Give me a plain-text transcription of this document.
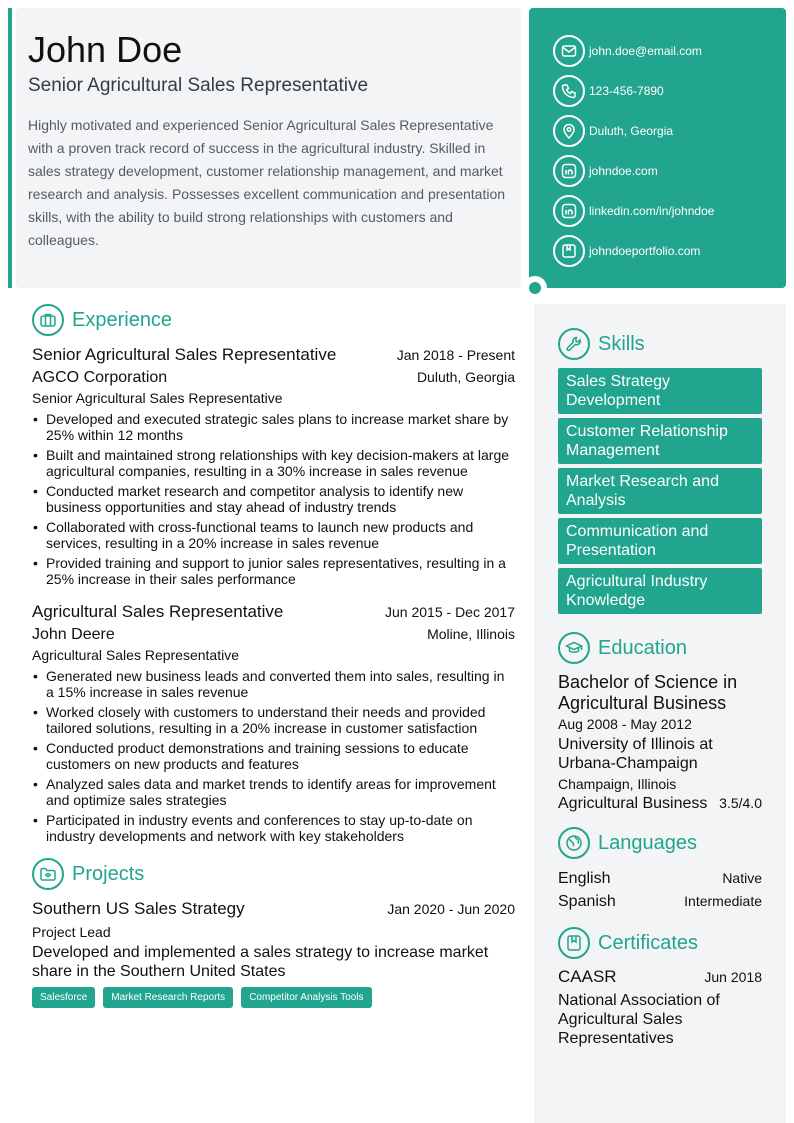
John Doe
Senior Agricultural Sales Representative
Highly motivated and experienced Senior Agricultural Sales Representative with a proven track record of success in the agricultural industry. Skilled in sales strategy development, customer relationship management, and market research and analysis. Possesses excellent communication and presentation skills, with the ability to build strong relationships with customers and colleagues.
john.doe@email.com
123-456-7890
Duluth, Georgia
johndoe.com
linkedin.com/in/johndoe
johndoeportfolio.com
Experience
Senior Agricultural Sales Representative	Jan 2018 - Present
AGCO Corporation	Duluth, Georgia
Senior Agricultural Sales Representative
• Developed and executed strategic sales plans to increase market share by 25% within 12 months
• Built and maintained strong relationships with key decision-makers at large agricultural companies, resulting in a 30% increase in sales revenue
• Conducted market research and competitor analysis to identify new business opportunities and stay ahead of industry trends
• Collaborated with cross-functional teams to launch new products and services, resulting in a 20% increase in sales revenue
• Provided training and support to junior sales representatives, resulting in a 25% increase in their sales performance
Agricultural Sales Representative	Jun 2015 - Dec 2017
John Deere	Moline, Illinois
Agricultural Sales Representative
• Generated new business leads and converted them into sales, resulting in a 15% increase in sales revenue
• Worked closely with customers to understand their needs and provided tailored solutions, resulting in a 20% increase in customer satisfaction
• Conducted product demonstrations and training sessions to educate customers on new products and features
• Analyzed sales data and market trends to identify areas for improvement and optimize sales strategies
• Participated in industry events and conferences to stay up-to-date on industry developments and network with key stakeholders
Projects
Southern US Sales Strategy	Jan 2020 - Jun 2020
Project Lead
Developed and implemented a sales strategy to increase market share in the Southern United States
Salesforce	Market Research Reports	Competitor Analysis Tools
Skills
Sales Strategy Development
Customer Relationship Management
Market Research and Analysis
Communication and Presentation
Agricultural Industry Knowledge
Education
Bachelor of Science in Agricultural Business
Aug 2008 - May 2012
University of Illinois at Urbana-Champaign
Champaign, Illinois
Agricultural Business 3.5/4.0
Languages
English	Native
Spanish	Intermediate
Certificates
CAASR	Jun 2018
National Association of Agricultural Sales Representatives
